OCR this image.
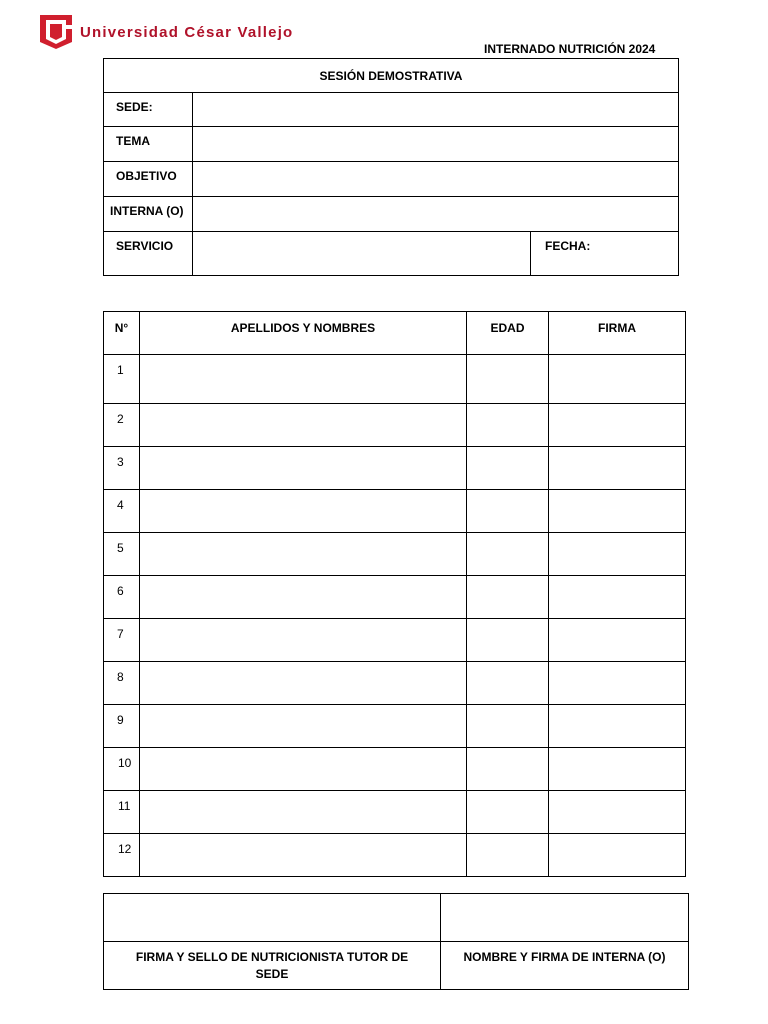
Universidad César Vallejo
INTERNADO NUTRICIÓN 2024
SESIÓN DEMOSTRATIVA		
SEDE:		
TEMA		
OBJETIVO		
INTERNA (O)		
SERVICIO		FECHA:
N°	APELLIDOS Y NOMBRES	EDAD	FIRMA
1			
2			
3			
4			
5			
6			
7			
8			
9			
10			
11			
12			

FIRMA Y SELLO DE NUTRICIONISTA TUTOR DE SEDE	NOMBRE Y FIRMA DE INTERNA (O)
